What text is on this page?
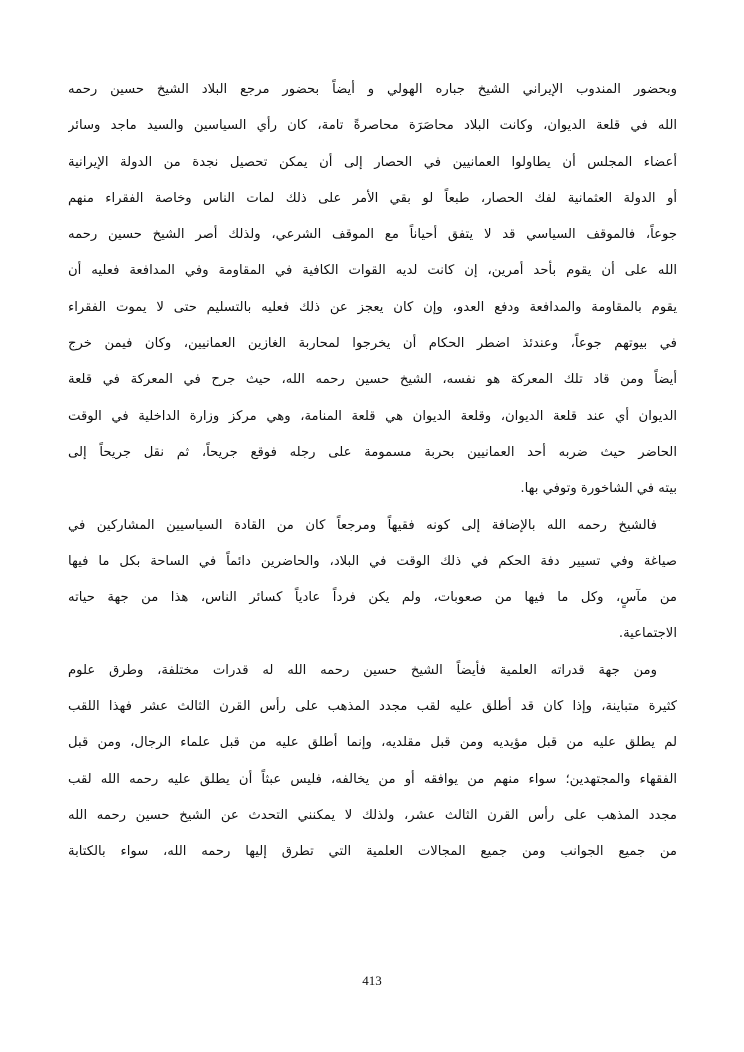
وبحضور المندوب الإيراني الشيخ جباره الهولي و أيضاً بحضور مرجع البلاد الشيخ حسين رحمه
الله في قلعة الديوان، وكانت البلاد محاصَرَة محاصرةً تامة، كان رأي السياسين والسيد ماجد وسائر
أعضاء المجلس أن يطاولوا العمانيين في الحصار إلى أن يمكن تحصيل نجدة من الدولة الإيرانية
أو الدولة العثمانية لفك الحصار، طبعاً لو بقي الأمر على ذلك لمات الناس وخاصة الفقراء منهم
جوعاً، فالموقف السياسي قد لا يتفق أحياناً مع الموقف الشرعي، ولذلك أصر الشيخ حسين رحمه
الله على أن يقوم بأحد أمرين، إن كانت لديه القوات الكافية في المقاومة وفي المدافعة فعليه أن
يقوم بالمقاومة والمدافعة ودفع العدو، وإن كان يعجز عن ذلك فعليه بالتسليم حتى لا يموت الفقراء
في بيوتهم جوعاً، وعندئذ اضطر الحكام أن يخرجوا لمحاربة الغازين العمانيين، وكان فيمن خرج
أيضاً ومن قاد تلك المعركة هو نفسه، الشيخ حسين رحمه الله، حيث جرح في المعركة في قلعة
الديوان أي عند قلعة الديوان، وقلعة الديوان هي قلعة المنامة، وهي مركز وزارة الداخلية في الوقت
الحاضر حيث ضربه أحد العمانيين بحربة مسمومة على رجله فوقع جريحاً، ثم نقل جريحاً إلى
بيته في الشاخورة وتوفي بها.
فالشيخ رحمه الله بالإضافة إلى كونه فقيهاً ومرجعاً كان من القادة السياسيين المشاركين في
صياغة وفي تسيير دفة الحكم في ذلك الوقت في البلاد، والحاضرين دائماً في الساحة بكل ما فيها
من مآسٍ، وكل ما فيها من صعوبات، ولم يكن فرداً عادياً كسائر الناس، هذا من جهة حياته
الاجتماعية.
ومن جهة قدراته العلمية فأيضاً الشيخ حسين رحمه الله له قدرات مختلفة، وطرق علوم
كثيرة متباينة، وإذا كان قد أطلق عليه لقب مجدد المذهب على رأس القرن الثالث عشر فهذا اللقب
لم يطلق عليه من قبل مؤيديه ومن قبل مقلديه، وإنما أطلق عليه من قبل علماء الرجال، ومن قبل
الفقهاء والمجتهدين؛ سواء منهم من يوافقه أو من يخالفه، فليس عبثاً أن يطلق عليه رحمه الله لقب
مجدد المذهب على رأس القرن الثالث عشر، ولذلك لا يمكنني التحدث عن الشيخ حسين رحمه الله
من جميع الجوانب ومن جميع المجالات العلمية التي تطرق إليها رحمه الله، سواء بالكتابة
413
